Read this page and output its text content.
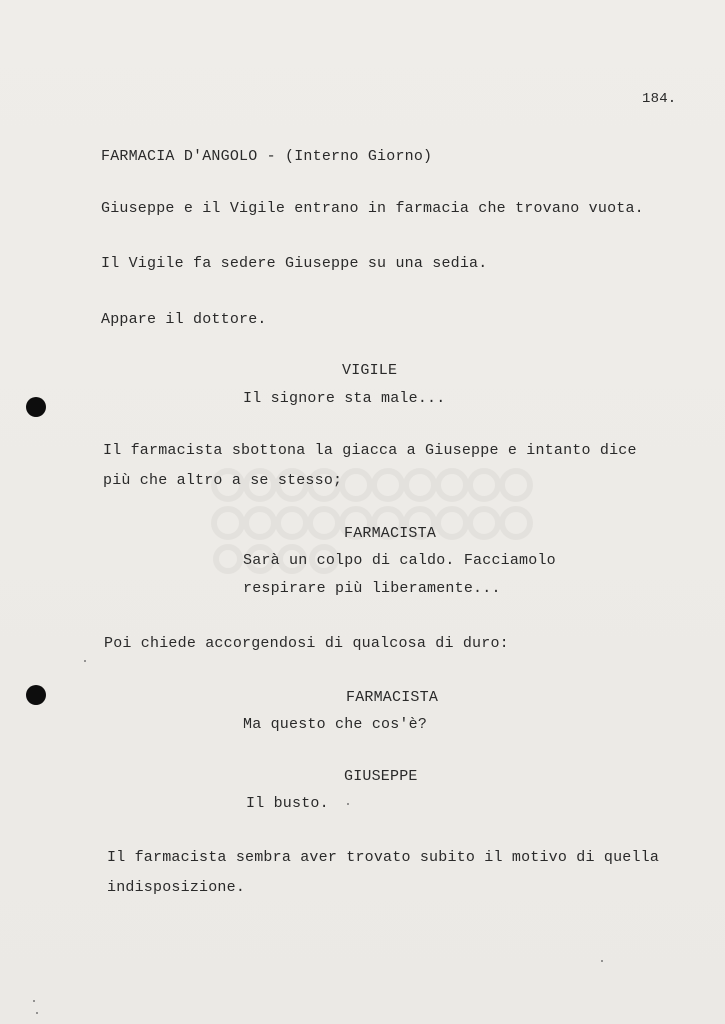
184.
FARMACIA D'ANGOLO - (Interno Giorno)
Giuseppe e il Vigile entrano in farmacia che trovano vuota.
Il Vigile fa sedere Giuseppe su una sedia.
Appare il dottore.
VIGILE
Il signore sta male...
Il farmacista sbottona la giacca a Giuseppe e intanto dice
più che altro a se stesso;
FARMACISTA
Sarà un colpo di caldo. Facciamolo
respirare più liberamente...
Poi chiede accorgendosi di qualcosa di duro:
FARMACISTA
Ma questo che cos'è?
GIUSEPPE
Il busto.
Il farmacista sembra aver trovato subito il motivo di quella
indisposizione.
